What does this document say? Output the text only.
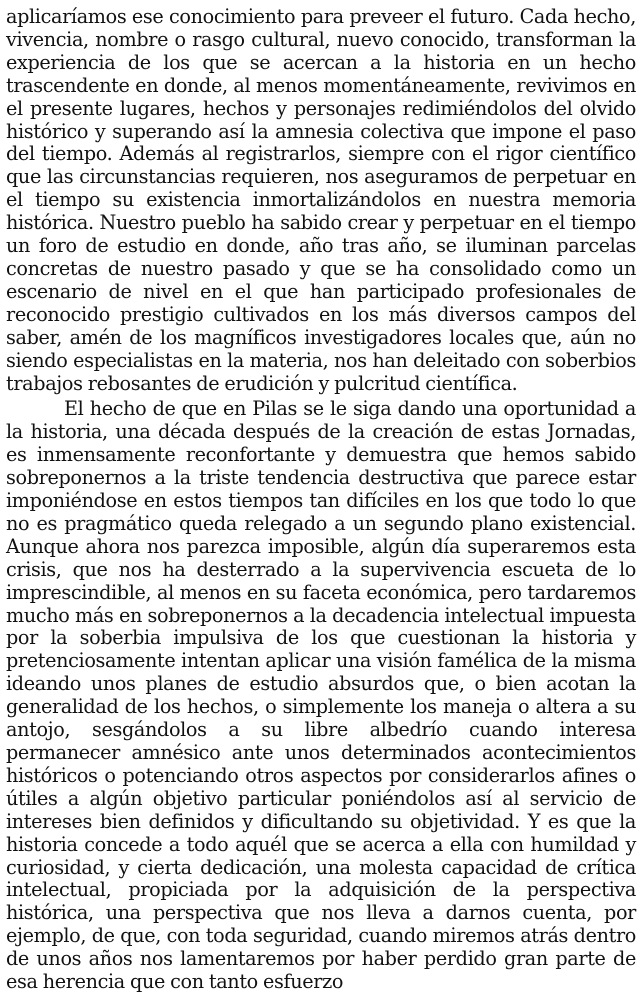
aplicaríamos ese conocimiento para preveer el futuro. Cada hecho, vivencia, nombre o rasgo cultural, nuevo conocido, transforman la experiencia de los que se acercan a la historia en un hecho trascendente en donde, al menos momentáneamente, revivimos en el presente lugares, hechos y personajes redimiéndolos del olvido histórico y superando así la amnesia colectiva que impone el paso del tiempo. Además al registrarlos, siempre con el rigor científico que las circunstancias requieren, nos aseguramos de perpetuar en el tiempo su existencia inmortalizándolos en nuestra memoria histórica. Nuestro pueblo ha sabido crear y perpetuar en el tiempo un foro de estudio en donde, año tras año, se iluminan parcelas concretas de nuestro pasado y que se ha consolidado como un escenario de nivel en el que han participado profesionales de reconocido prestigio cultivados en los más diversos campos del saber, amén de los magníficos investigadores locales que, aún no siendo especialistas en la materia, nos han deleitado con soberbios trabajos rebosantes de erudición y pulcritud científica.

El hecho de que en Pilas se le siga dando una oportunidad a la historia, una década después de la creación de estas Jornadas, es inmensamente reconfortante y demuestra que hemos sabido sobreponernos a la triste tendencia destructiva que parece estar imponiéndose en estos tiempos tan difíciles en los que todo lo que no es pragmático queda relegado a un segundo plano existencial. Aunque ahora nos parezca imposible, algún día superaremos esta crisis, que nos ha desterrado a la supervivencia escueta de lo imprescindible, al menos en su faceta económica, pero tardaremos mucho más en sobreponernos a la decadencia intelectual impuesta por la soberbia impulsiva de los que cuestionan la historia y pretenciosamente intentan aplicar una visión famélica de la misma ideando unos planes de estudio absurdos que, o bien acotan la generalidad de los hechos, o simplemente los maneja o altera a su antojo, sesgándolos a su libre albedrío cuando interesa permanecer amnésico ante unos determinados acontecimientos históricos o potenciando otros aspectos por considerarlos afines o útiles a algún objetivo particular poniéndolos así al servicio de intereses bien definidos y dificultando su objetividad. Y es que la historia concede a todo aquél que se acerca a ella con humildad y curiosidad, y cierta dedicación, una molesta capacidad de crítica intelectual, propiciada por la adquisición de la perspectiva histórica, una perspectiva que nos lleva a darnos cuenta, por ejemplo, de que, con toda seguridad, cuando miremos atrás dentro de unos años nos lamentaremos por haber perdido gran parte de esa herencia que con tanto esfuerzo
